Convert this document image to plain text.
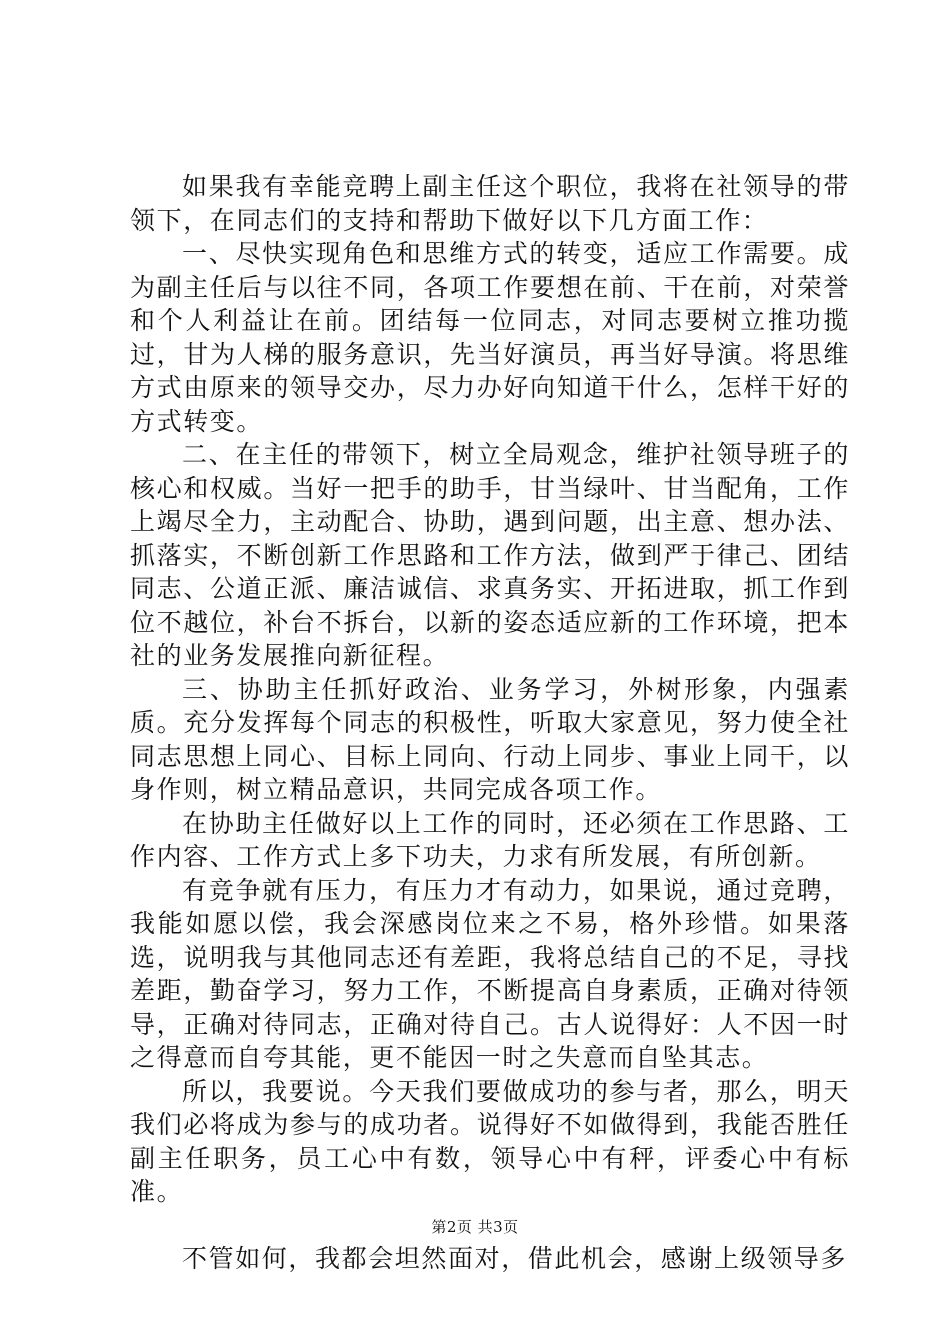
如果我有幸能竞聘上副主任这个职位，我将在社领导的带领下，在同志们的支持和帮助下做好以下几方面工作：

一、尽快实现角色和思维方式的转变，适应工作需要。成为副主任后与以往不同，各项工作要想在前、干在前，对荣誉和个人利益让在前。团结每一位同志，对同志要树立推功揽过，甘为人梯的服务意识，先当好演员，再当好导演。将思维方式由原来的领导交办，尽力办好向知道干什么，怎样干好的方式转变。

二、在主任的带领下，树立全局观念，维护社领导班子的核心和权威。当好一把手的助手，甘当绿叶、甘当配角，工作上竭尽全力，主动配合、协助，遇到问题，出主意、想办法、抓落实，不断创新工作思路和工作方法，做到严于律己、团结同志、公道正派、廉洁诚信、求真务实、开拓进取，抓工作到位不越位，补台不拆台，以新的姿态适应新的工作环境，把本社的业务发展推向新征程。

三、协助主任抓好政治、业务学习，外树形象，内强素质。充分发挥每个同志的积极性，听取大家意见，努力使全社同志思想上同心、目标上同向、行动上同步、事业上同干，以身作则，树立精品意识，共同完成各项工作。

在协助主任做好以上工作的同时，还必须在工作思路、工作内容、工作方式上多下功夫，力求有所发展，有所创新。

有竞争就有压力，有压力才有动力，如果说，通过竞聘，我能如愿以偿，我会深感岗位来之不易，格外珍惜。如果落选，说明我与其他同志还有差距，我将总结自己的不足，寻找差距，勤奋学习，努力工作，不断提高自身素质，正确对待领导，正确对待同志，正确对待自己。古人说得好：人不因一时之得意而自夸其能，更不能因一时之失意而自坠其志。

所以，我要说。今天我们要做成功的参与者，那么，明天我们必将成为参与的成功者。说得好不如做得到，我能否胜任副主任职务，员工心中有数，领导心中有秤，评委心中有标准。

不管如何，我都会坦然面对，借此机会，感谢上级领导多

第2页 共3页
